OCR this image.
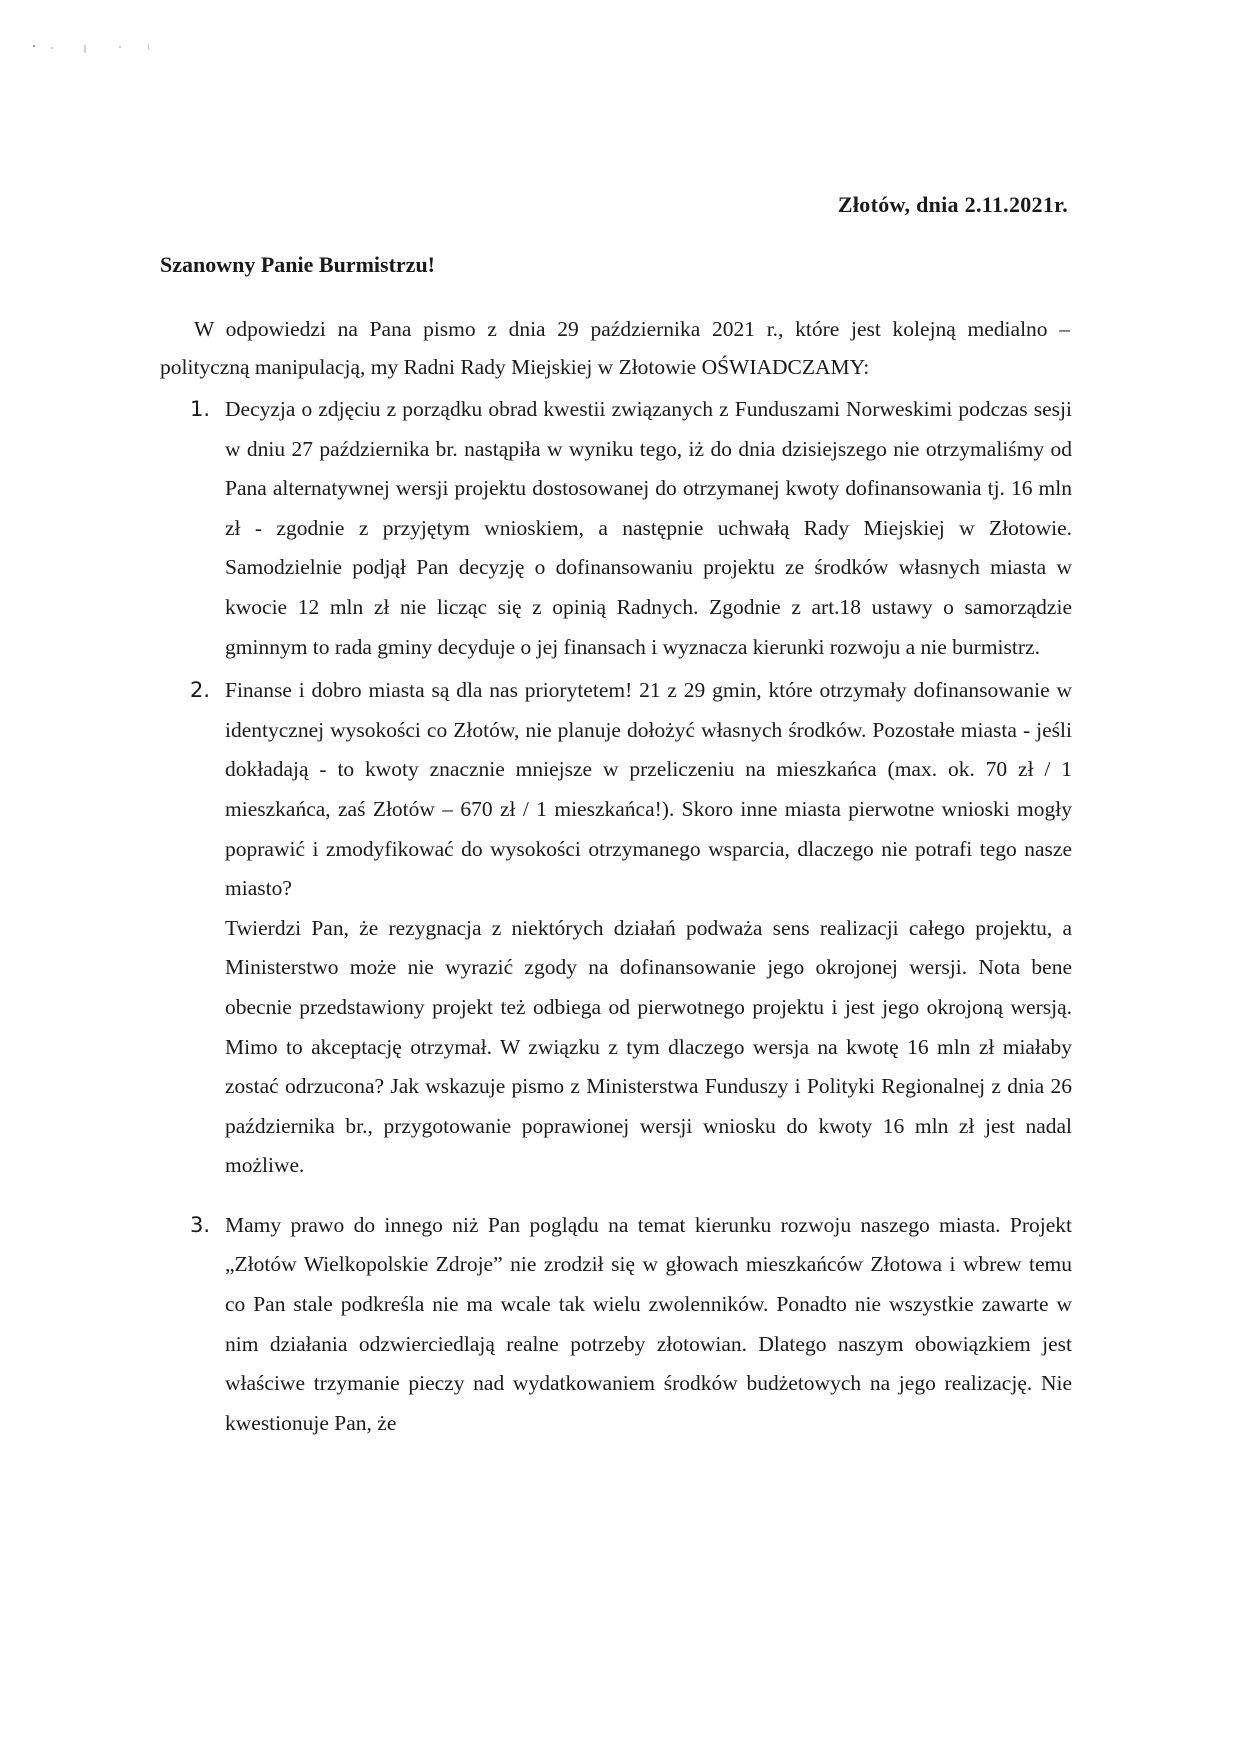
Złotów, dnia 2.11.2021r.
Szanowny Panie Burmistrzu!

W odpowiedzi na Pana pismo z dnia 29 października 2021 r., które jest kolejną medialno – polityczną manipulacją, my Radni Rady Miejskiej w Złotowie OŚWIADCZAMY:

1. Decyzja o zdjęciu z porządku obrad kwestii związanych z Funduszami Norweskimi podczas sesji w dniu 27 października br. nastąpiła w wyniku tego, iż do dnia dzisiejszego nie otrzymaliśmy od Pana alternatywnej wersji projektu dostosowanej do otrzymanej kwoty dofinansowania tj. 16 mln zł - zgodnie z przyjętym wnioskiem, a następnie uchwałą Rady Miejskiej w Złotowie. Samodzielnie podjął Pan decyzję o dofinansowaniu projektu ze środków własnych miasta w kwocie 12 mln zł nie licząc się z opinią Radnych. Zgodnie z art.18 ustawy o samorządzie gminnym to rada gminy decyduje o jej finansach i wyznacza kierunki rozwoju a nie burmistrz.

2. Finanse i dobro miasta są dla nas priorytetem! 21 z 29 gmin, które otrzymały dofinansowanie w identycznej wysokości co Złotów, nie planuje dołożyć własnych środków. Pozostałe miasta - jeśli dokładają - to kwoty znacznie mniejsze w przeliczeniu na mieszkańca (max. ok. 70 zł / 1 mieszkańca, zaś Złotów – 670 zł / 1 mieszkańca!). Skoro inne miasta pierwotne wnioski mogły poprawić i zmodyfikować do wysokości otrzymanego wsparcia, dlaczego nie potrafi tego nasze miasto?

Twierdzi Pan, że rezygnacja z niektórych działań podważa sens realizacji całego projektu, a Ministerstwo może nie wyrazić zgody na dofinansowanie jego okrojonej wersji. Nota bene obecnie przedstawiony projekt też odbiega od pierwotnego projektu i jest jego okrojoną wersją. Mimo to akceptację otrzymał. W związku z tym dlaczego wersja na kwotę 16 mln zł miałaby zostać odrzucona? Jak wskazuje pismo z Ministerstwa Funduszy i Polityki Regionalnej z dnia 26 października br., przygotowanie poprawionej wersji wniosku do kwoty 16 mln zł jest nadal możliwe.

3. Mamy prawo do innego niż Pan poglądu na temat kierunku rozwoju naszego miasta. Projekt „Złotów Wielkopolskie Zdroje” nie zrodził się w głowach mieszkańców Złotowa i wbrew temu co Pan stale podkreśla nie ma wcale tak wielu zwolenników. Ponadto nie wszystkie zawarte w nim działania odzwierciedlają realne potrzeby złotowian. Dlatego naszym obowiązkiem jest właściwe trzymanie pieczy nad wydatkowaniem środków budżetowych na jego realizację. Nie kwestionuje Pan, że
